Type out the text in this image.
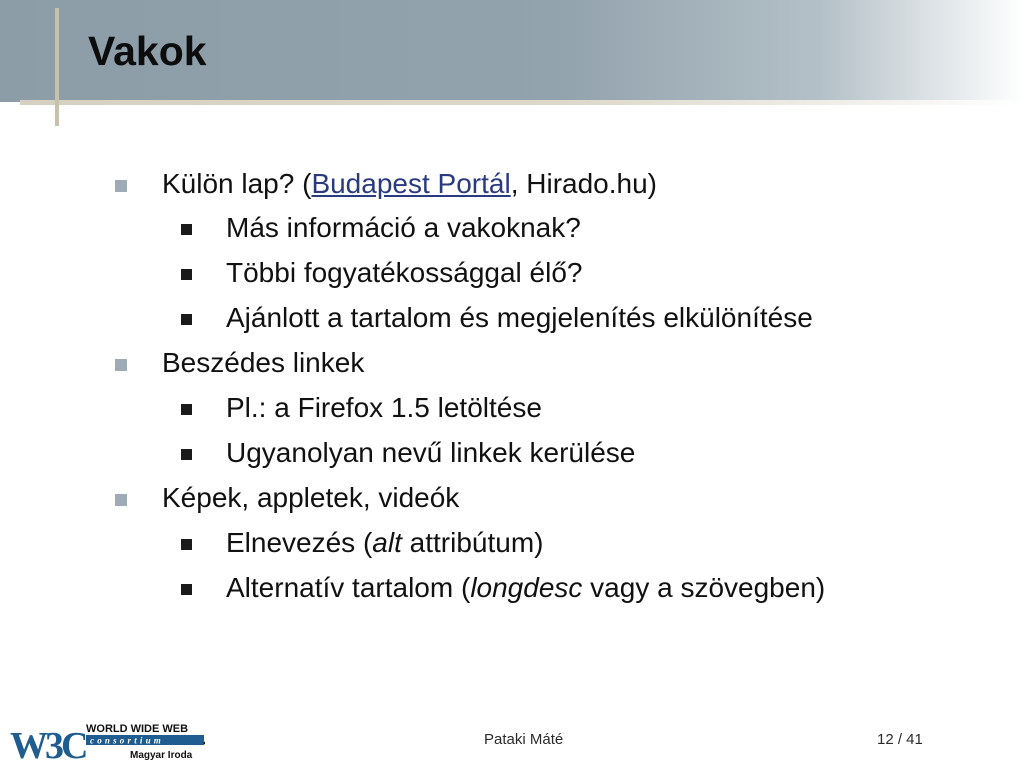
Vakok
Külön lap? (Budapest Portál, Hirado.hu)
Más információ a vakoknak?
Többi fogyatékossággal élő?
Ajánlott a tartalom és megjelenítés elkülönítése
Beszédes linkek
Pl.: a Firefox 1.5 letöltése
Ugyanolyan nevű linkek kerülése
Képek, appletek, videók
Elnevezés (alt attribútum)
Alternatív tartalom (longdesc vagy a szövegben)
W3C WORLD WIDE WEB
consortium
Magyar Iroda
Pataki Máté	12 / 41
